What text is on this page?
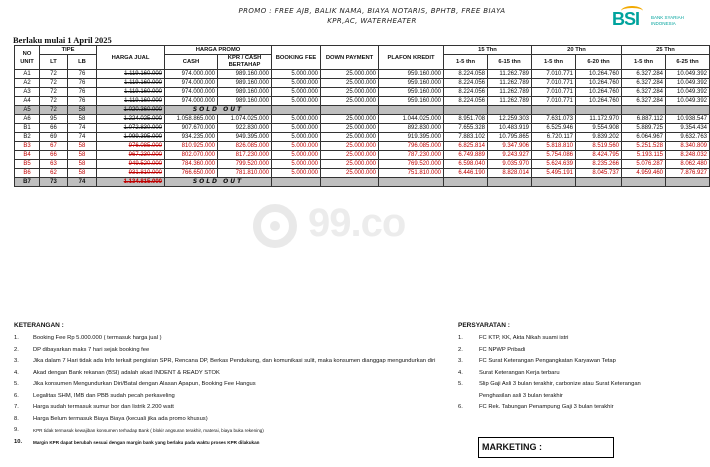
PROMO : FREE AJB, BALIK NAMA, BIAYA NOTARIS, BPHTB, FREE BIAYA
KPR,AC, WATERHEATER
Berlaku mulai 1 April 2025
BSI	BANK SYARIAH INDONESIA
NO UNIT	TIPE		HARGA JUAL	HARGA PROMO		BOOKING FEE	DOWN PAYMENT	PLAFON KREDIT	15 Thn		20 Thn		25 Thn	
	LT	LB		CASH	KPR / CASH BERTAHAP				1-5 thn	6-15 thn	1-5 thn	6-20 thn	1-5 thn	6-25 thn

A1	72	76	1.119.160.000	974.000.000	989.160.000	5.000.000	25.000.000	959.160.000	8.224.058	11.262.789	7.010.771	10.264.760	6.327.284	10.049.392
A2	72	76	1.119.160.000	974.000.000	989.160.000	5.000.000	25.000.000	959.160.000	8.224.056	11.262.789	7.010.771	10.264.760	6.327.284	10.049.392
A3	72	76	1.119.160.000	974.000.000	989.160.000	5.000.000	25.000.000	959.160.000	8.224.056	11.262.789	7.010.771	10.264.760	6.327.284	10.049.392
A4	72	76	1.119.160.000	974.000.000	989.160.000	5.000.000	25.000.000	959.160.000	8.224.056	11.262.789	7.010.771	10.264.760	6.327.284	10.049.392
A5	72	58	1.020.360.000	SOLD OUT										
A6	95	58	1.224.025.000	1.058.865.000	1.074.025.000	5.000.000	25.000.000	1.044.025.000	8.951.708	12.259.303	7.631.073	11.172.970	6.887.112	10.938.547
B1	66	74	1.072.830.000	907.670.000	922.830.000	5.000.000	25.000.000	892.830.000	7.655.328	10.483.919	6.525.946	9.554.908	5.889.725	9.354.434
B2	69	74	1.099.395.000	934.235.000	949.395.000	5.000.000	25.000.000	919.395.000	7.883.102	10.795.865	6.720.117	9.839.202	6.064.967	9.632.763
B3	67	58	976.085.000	810.925.000	826.085.000	5.000.000	25.000.000	796.085.000	6.825.814	9.347.906	5.818.810	8.519.560	5.251.528	8.340.809
B4	66	58	967.230.000	802.070.000	817.230.000	5.000.000	25.000.000	787.230.000	6.749.889	9.243.927	5.754.086	8.424.795	5.193.115	8.248.032
B5	63	58	949.520.000	784.360.000	799.520.000	5.000.000	25.000.000	769.520.000	6.598.040	9.035.970	5.624.639	8.235.266	5.076.287	8.062.480
B6	62	58	931.810.000	766.650.000	781.810.000	5.000.000	25.000.000	751.810.000	6.446.190	8.828.014	5.495.191	8.045.737	4.959.460	7.876.927
B7	73	74	1.134.815.000	SOLD OUT										
99.co
KETERANGAN :
1.	Booking Fee Rp 5.000.000 ( termasuk harga jual )
2.	DP dibayarkan maks 7 hari sejak booking fee
3.	Jika dalam 7 Hari tidak ada Info terkait pengisian SPR, Rencana DP, Berkas Pendukung, dan komunikasi sulit, maka konsumen dianggap mengundurkan diri
4.	Akad dengan Bank rekanan (BSI) adalah akad INDENT & READY STOK
5.	Jika konsumen Mengundurkan Diri/Batal dengan Alasan Apapun, Booking Fee Hangus
6.	Legalitas SHM, IMB dan PBB sudah pecah perkaveling
7.	Harga sudah termasuk sumur bor dan listrik 2.200 watt
8.	Harga Belum termasuk Biaya Biaya (kecuali jika ada promo khusus)
9.	KPR tidak termasuk kewajiban konsumen terhadap Bank ( blokir angsuran terakhir, materai, biaya buka rekening)
10.	Margin KPR dapat berubah sesuai dengan margin bank yang berlaku pada waktu proses KPR dilakukan
PERSYARATAN :
1.	FC KTP, KK, Akta Nikah suami istri
2.	FC NPWP Pribadi
3.	FC Surat Keterangan Pengangkatan Karyawan Tetap
4.	Surat Keterangan Kerja terbaru
5.	Slip Gaji Asli 3 bulan terakhir, carbonize atau Surat Keterangan
Penghasilan asli 3 bulan terakhir
6.	FC Rek. Tabungan Penampung Gaji 3 bulan terakhir
MARKETING :
